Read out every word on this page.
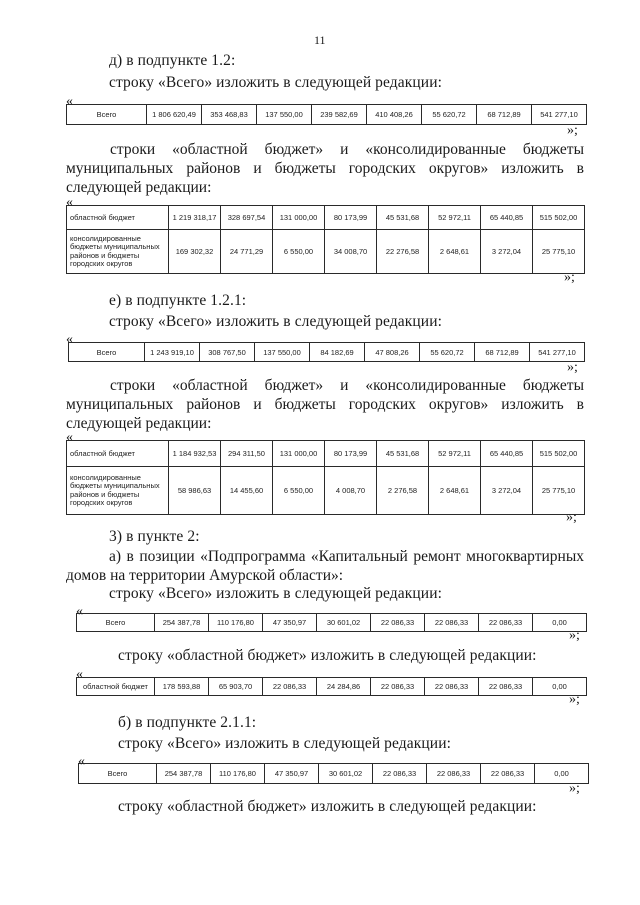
11
д) в подпункте 1.2:
строку «Всего» изложить в следующей редакции:
«
Всего	1 806 620,49	353 468,83	137 550,00	239 582,69	410 408,26	55 620,72	68 712,89	541 277,10
»;
строки «областной бюджет» и «консолидированные бюджеты муниципальных районов и бюджеты городских округов» изложить в следующей редакции:
«
областной бюджет	1 219 318,17	328 697,54	131 000,00	80 173,99	45 531,68	52 972,11	65 440,85	515 502,00
консолидированные бюджеты муниципальных районов и бюджеты городских округов	169 302,32	24 771,29	6 550,00	34 008,70	22 276,58	2 648,61	3 272,04	25 775,10
»;
е) в подпункте 1.2.1:
строку «Всего» изложить в следующей редакции:
«
Всего	1 243 919,10	308 767,50	137 550,00	84 182,69	47 808,26	55 620,72	68 712,89	541 277,10
»;
строки «областной бюджет» и «консолидированные бюджеты муниципальных районов и бюджеты городских округов» изложить в следующей редакции:
«
областной бюджет	1 184 932,53	294 311,50	131 000,00	80 173,99	45 531,68	52 972,11	65 440,85	515 502,00
консолидированные бюджеты муниципальных районов и бюджеты городских округов	58 986,63	14 455,60	6 550,00	4 008,70	2 276,58	2 648,61	3 272,04	25 775,10
»;
3) в пункте 2:
а) в позиции «Подпрограмма «Капитальный ремонт многоквартирных домов на территории Амурской области»:
строку «Всего» изложить в следующей редакции:
«
Всего	254 387,78	110 176,80	47 350,97	30 601,02	22 086,33	22 086,33	22 086,33	0,00
»;
строку «областной бюджет» изложить в следующей редакции:
«
областной бюджет	178 593,88	65 903,70	22 086,33	24 284,86	22 086,33	22 086,33	22 086,33	0,00
»;
б) в подпункте 2.1.1:
строку «Всего» изложить в следующей редакции:
«
Всего	254 387,78	110 176,80	47 350,97	30 601,02	22 086,33	22 086,33	22 086,33	0,00
»;
строку «областной бюджет» изложить в следующей редакции:
